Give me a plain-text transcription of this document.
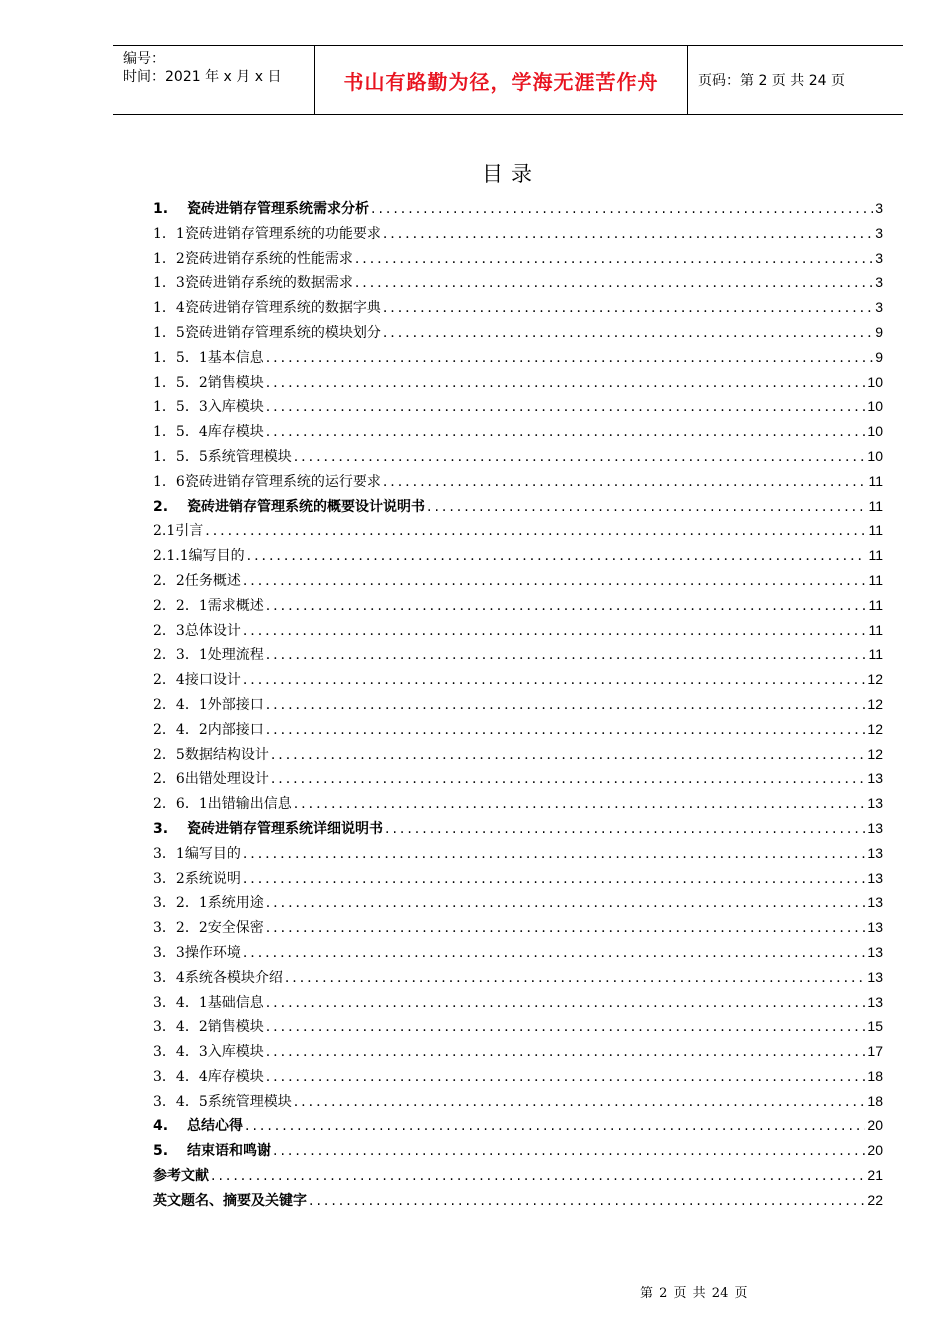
编号：
时间：2021 年 x 月 x 日	书山有路勤为径，学海无涯苦作舟	页码：第 2 页 共 24 页
目录
1.	瓷砖进销存管理系统需求分析 .....	3
1．1 瓷砖进销存管理系统的功能要求 .....	3
1．2 瓷砖进销存系统的性能需求 .....	3
1．3 瓷砖进销存系统的数据需求 .....	3
1．4 瓷砖进销存管理系统的数据字典 .....	3
1．5 瓷砖进销存管理系统的模块划分 .....	9
1．5．1 基本信息 .....	9
1．5．2 销售模块 .....	10
1．5．3 入库模块 .....	10
1．5．4 库存模块 .....	10
1．5．5 系统管理模块 .....	10
1．6 瓷砖进销存管理系统的运行要求 .....	11
2.	瓷砖进销存管理系统的概要设计说明书 .....	11
2.1 引言 .....	11
2.1.1 编写目的 .....	11
2．2 任务概述 .....	11
2．2．1 需求概述 .....	11
2．3 总体设计 .....	11
2．3．1 处理流程 .....	11
2．4 接口设计 .....	12
2．4．1 外部接口 .....	12
2．4．2 内部接口 .....	12
2．5 数据结构设计 .....	12
2．6 出错处理设计 .....	13
2．6．1 出错输出信息 .....	13
3.	瓷砖进销存管理系统详细说明书 .....	13
3．1 编写目的 .....	13
3．2 系统说明 .....	13
3．2．1 系统用途 .....	13
3．2．2 安全保密 .....	13
3．3 操作环境 .....	13
3．4 系统各模块介绍 .....	13
3．4．1 基础信息 .....	13
3．4．2 销售模块 .....	15
3．4．3 入库模块 .....	17
3．4．4 库存模块 .....	18
3．4．5 系统管理模块 .....	18
4.	总结心得 .....	20
5.	结束语和鸣谢 .....	20
参考文献 .....	21
英文题名、摘要及关键字 .....	22
第 2 页 共 24 页
